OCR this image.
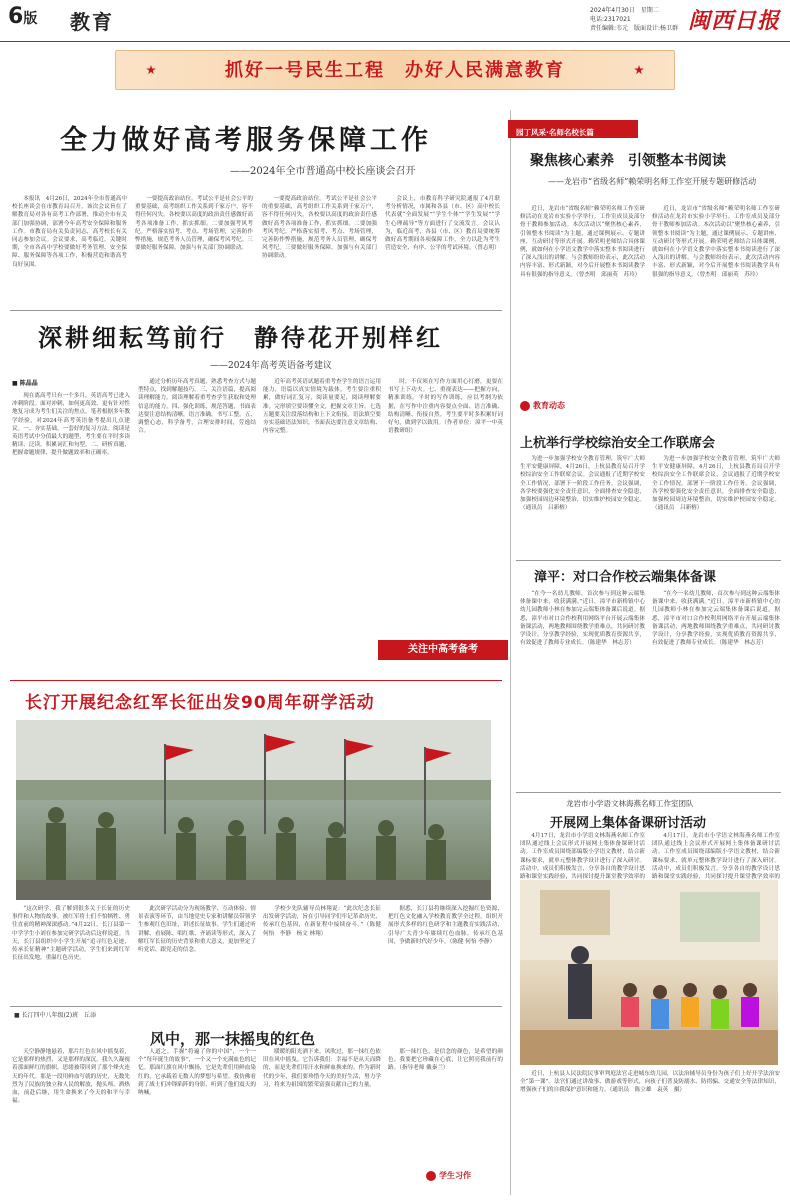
6版 教育	2024年4月30日　星期二
电话:2317021
责任编辑:韦元　版面设计:杨卫群 闽西日报
抓好一号民生工程　办好人民满意教育
全力做好高考服务保障工作
——2024年全市普通高中校长座谈会召开

本报讯　4月26日，2024年全市普通高中校长座谈会在市教育局召开。该次会议旨在了解教育局对各有高考工作部署，推动全市有关部门加强协调，部署今年高考安全保障和服务工作。市教育局有关负责同志，高考校长有关同志参加会议。会议要求，高考临近，关键时期，全市各高中学校要做好考务管理、安全保障、服务保障等各项工作，积极营造和谐高考良好氛围。

一要提高政治站位。考试公平是社会公平的重要基础，高考组织工作关系到千家万户，容不得任何闪失。各校要以高度的政治责任感做好高考各项准备工作，抓实抓细。二要加强考风考纪。严格落实招考、考点、考场管理，完善防作弊措施，规范考务人员管理，确保考风考纪。三要做好服务保障。加强与有关部门协调联动。

一要提高政治站位。考试公平是社会公平的重要基础，高考组织工作关系到千家万户，容不得任何闪失。各校要以高度的政治责任感做好高考各项准备工作，抓实抓细。二要加强考风考纪。严格落实招考、考点、考场管理，完善防作弊措施，规范考务人员管理，确保考风考纪。三要做好服务保障。加强与有关部门协调联动。

会议上，市教育科学研究院通报了4月联考分析情况，市属和各县（市、区）高中校长代表就“全面发展”“学生个体”“学生发展”“学生心理疏导”等方面进行了交流发言。会议认为，临近高考，各县（市、区）教育局要统筹做好高考期间各项保障工作，全力以赴为考生营造安全、有序、公平的考试环境。（曾志明）

深耕细耘笃前行　静待花开别样红
——2024年高考英语备考建议
■ 陈晶晶

现在离高考只有一个多月，英语高考已进入冲刺阶段。面对冲刺，如何更高效、更有针对性地复习成为考生们关注的焦点。笔者根据多年教学经验，对2024年高考英语备考提出几点建议。一、夯实基础，一套好的复习方法。阅读是英语考试中分值最大的题型，考生要在平时多读精读、泛读，积累词汇和句型。二、研析真题，把握命题规律，提升做题效率和正确率。

通过分析历年高考真题，熟悉考查方式与题型特点，找到解题技巧。三、关注语篇，提高阅读理解能力。阅读理解着重考查学生获取和处理信息的能力。四、强化训练，规范答题，书面表达要注意结构清晰，语言准确，书写工整。五、调整心态，科学备考，合理安排时间，劳逸结合。

近年高考英语试题着重考查学生的语言运用能力，语篇以真实情境为载体。考生要注重积累，做好词汇复习，阅读量要足，阅读理解要准。完形填空要读懂全文，把握文章主旨。七选五题要关注段落结构和上下文衔接。语法填空要夯实基础语法知识，书面表达要注意文章结构、内容完整。

时，不仅须在写作方面用心打磨，更要在书写上下功夫。七、重视表达——把握方向，精准训练。平时的写作训练，应以考纲为依据，在写作中注重内容要点全面、语言准确、结构清晰、衔接自然。考生要平时多积累好词好句，做到学以致用。（作者单位：漳平一中英语教研组）

关注中高考备考
长汀开展纪念红军长征出发90周年研学活动

“这次研学，我了解到很多关于长征的历史事件和人物的故事，被红军将士们不怕牺牲、勇往直前的精神深深感动。”4月22日，长汀县第一中学学生小刘在参加完研学活动后这样说道。当天，长汀县组织中小学生开展“追寻红色足迹，传承长征精神”主题研学活动，学生们来到红军长征出发地，重温红色历史。

此次研学活动分为现场教学、互动体验、情景表演等环节，由当地党史专家和讲解员带领学生参观红色旧址，讲述长征故事。学生们通过听讲解、看展陈、唱红歌、齐诵读等形式，深入了解红军长征的历史背景和重大意义，更加坚定了听党话、跟党走的信念。

学校少先队辅导员林翔说：“此次纪念长征出发研学活动，旨在引导同学们牢记革命历史、传承红色基因，在新征程中接续奋斗。”（陈健　何怡　李静　杨文 林翔）

据悉，长汀县将继续深入挖掘红色资源，把红色文化融入学校教育教学全过程，组织开展形式多样的红色研学和主题教育实践活动，引导广大青少年赓续红色血脉，传承红色基因，争做新时代好少年。（陈健 何怡 李静）

■ 长汀四中八年级(2)班　丘添
风中，那一抹摇曳的红色

天空静静地悬着，那片红色在风中摇曳着，它是那样的热烈，又是那样的深沉。我久久凝视着那面鲜红的旗帜，思绪被带回到了那个烽火连天的年代。那是一段用鲜血写就的历史，无数先烈为了民族的独立和人民的解放，抛头颅、洒热血，前赴后继，用生命换来了今天的和平与幸福。

人道之，手握“将遍了你的中国”，一个一个“每年诞生的故事”，一个又一个充满血色的记忆。那面红旗在风中飘扬，它是先辈们用鲜血染红的，它承载着无数人的梦想与希望。我仿佛看到了战士们冲锋陷阵的身影，听到了他们震天的呐喊。

暖暖的阳光洒下来，风吹过，那一抹红色依旧在风中摇曳。它告诉我们：幸福不是从天而降的，而是先辈们用汗水和鲜血换来的。作为新时代的少年，我们要珍惜今天的美好生活，努力学习，将来为祖国的繁荣富强贡献自己的力量。

那一抹红色，是信念的颜色，是希望的颜色。我要把它珍藏在心底，让它照亮我前行的路。（指导老师 戴秦兰）

学生习作
园丁风采·名师名校长篇
聚焦核心素养　引领整本书阅读
——龙岩市“省级名师”赖荣明名师工作室开展专题研修活动

近日，龙岩市“省级名师”赖荣明名师工作室研修活动在龙岩市实验小学举行。工作室成员及部分骨干教师参加活动。本次活动以“聚焦核心素养，引领整本书阅读”为主题，通过课例展示、专题讲座、互动研讨等形式开展。赖荣明老师结合具体课例，就如何在小学语文教学中落实整本书阅读进行了深入浅出的讲解。与会教师纷纷表示，此次活动内容丰富、形式新颖，对今后开展整本书阅读教学具有很强的指导意义。（曾杰明　邱丽英　苏玲）

近日，龙岩市“省级名师”赖荣明名师工作室研修活动在龙岩市实验小学举行。工作室成员及部分骨干教师参加活动。本次活动以“聚焦核心素养，引领整本书阅读”为主题，通过课例展示、专题讲座、互动研讨等形式开展。赖荣明老师结合具体课例，就如何在小学语文教学中落实整本书阅读进行了深入浅出的讲解。与会教师纷纷表示，此次活动内容丰富、形式新颖，对今后开展整本书阅读教学具有很强的指导意义。（曾杰明　邱丽英　苏玲）

教育动态
上杭举行学校综治安全工作联席会

为进一步加强学校安全教育管理，筑牢广大师生平安健康屏障，4月26日，上杭县教育局召开学校综治安全工作联席会议。会议通报了近期学校安全工作情况，部署下一阶段工作任务。会议强调，各学校要强化安全责任意识，全面排查安全隐患，加强校园周边环境整治，切实维护校园安全稳定。（通讯员　吕新榕）

为进一步加强学校安全教育管理，筑牢广大师生平安健康屏障，4月26日，上杭县教育局召开学校综治安全工作联席会议。会议通报了近期学校安全工作情况，部署下一阶段工作任务。会议强调，各学校要强化安全责任意识，全面排查安全隐患，加强校园周边环境整治，切实维护校园安全稳定。（通讯员　吕新榕）

漳平：对口合作校云端集体备课

“在今一名幼儿教师，首次参与到这种云端集体备课中来，收获满满。”近日，漳平市新桥镇中心幼儿园教师小林在参加完云端集体备课后说道。据悉，漳平市对口合作校利用网络平台开展云端集体备课活动，两地教师围绕教学重难点，共同研讨教学设计，分享教学经验，实现优质教育资源共享，有效促进了教师专业成长。（陈建华　林志芳）

“在今一名幼儿教师，首次参与到这种云端集体备课中来，收获满满。”近日，漳平市新桥镇中心幼儿园教师小林在参加完云端集体备课后说道。据悉，漳平市对口合作校利用网络平台开展云端集体备课活动，两地教师围绕教学重难点，共同研讨教学设计，分享教学经验，实现优质教育资源共享，有效促进了教师专业成长。（陈建华　林志芳）

龙岩市小学语文林海燕名师工作室团队
开展网上集体备课研讨活动

4月17日，龙岩市小学语文林海燕名师工作室团队通过线上会议形式开展网上集体备课研讨活动。工作室成员围绕部编版小学语文教材，结合新课标要求，就单元整体教学设计进行了深入研讨。活动中，成员们积极发言，分享各自的教学设计思路和课堂实践经验，共同探讨提升课堂教学效率的　

4月17日，龙岩市小学语文林海燕名师工作室团队通过线上会议形式开展网上集体备课研讨活动。工作室成员围绕部编版小学语文教材，结合新课标要求，就单元整体教学设计进行了深入研讨。活动中，成员们积极发言，分享各自的教学设计思路和课堂实践经验，共同探讨提升课堂教学效率的　

近日，上杭县人民法院民事审判庭法官走进城东幼儿园，以法治辅导员身份为孩子们上好开学法治安全“第一课”。法官们通过讲故事、做游戏等形式，向孩子们普及防溺水、防拐骗、交通安全等法律知识，增强孩子们的自我保护意识和能力。（通讯员　陈立雄　袁英　摄）
